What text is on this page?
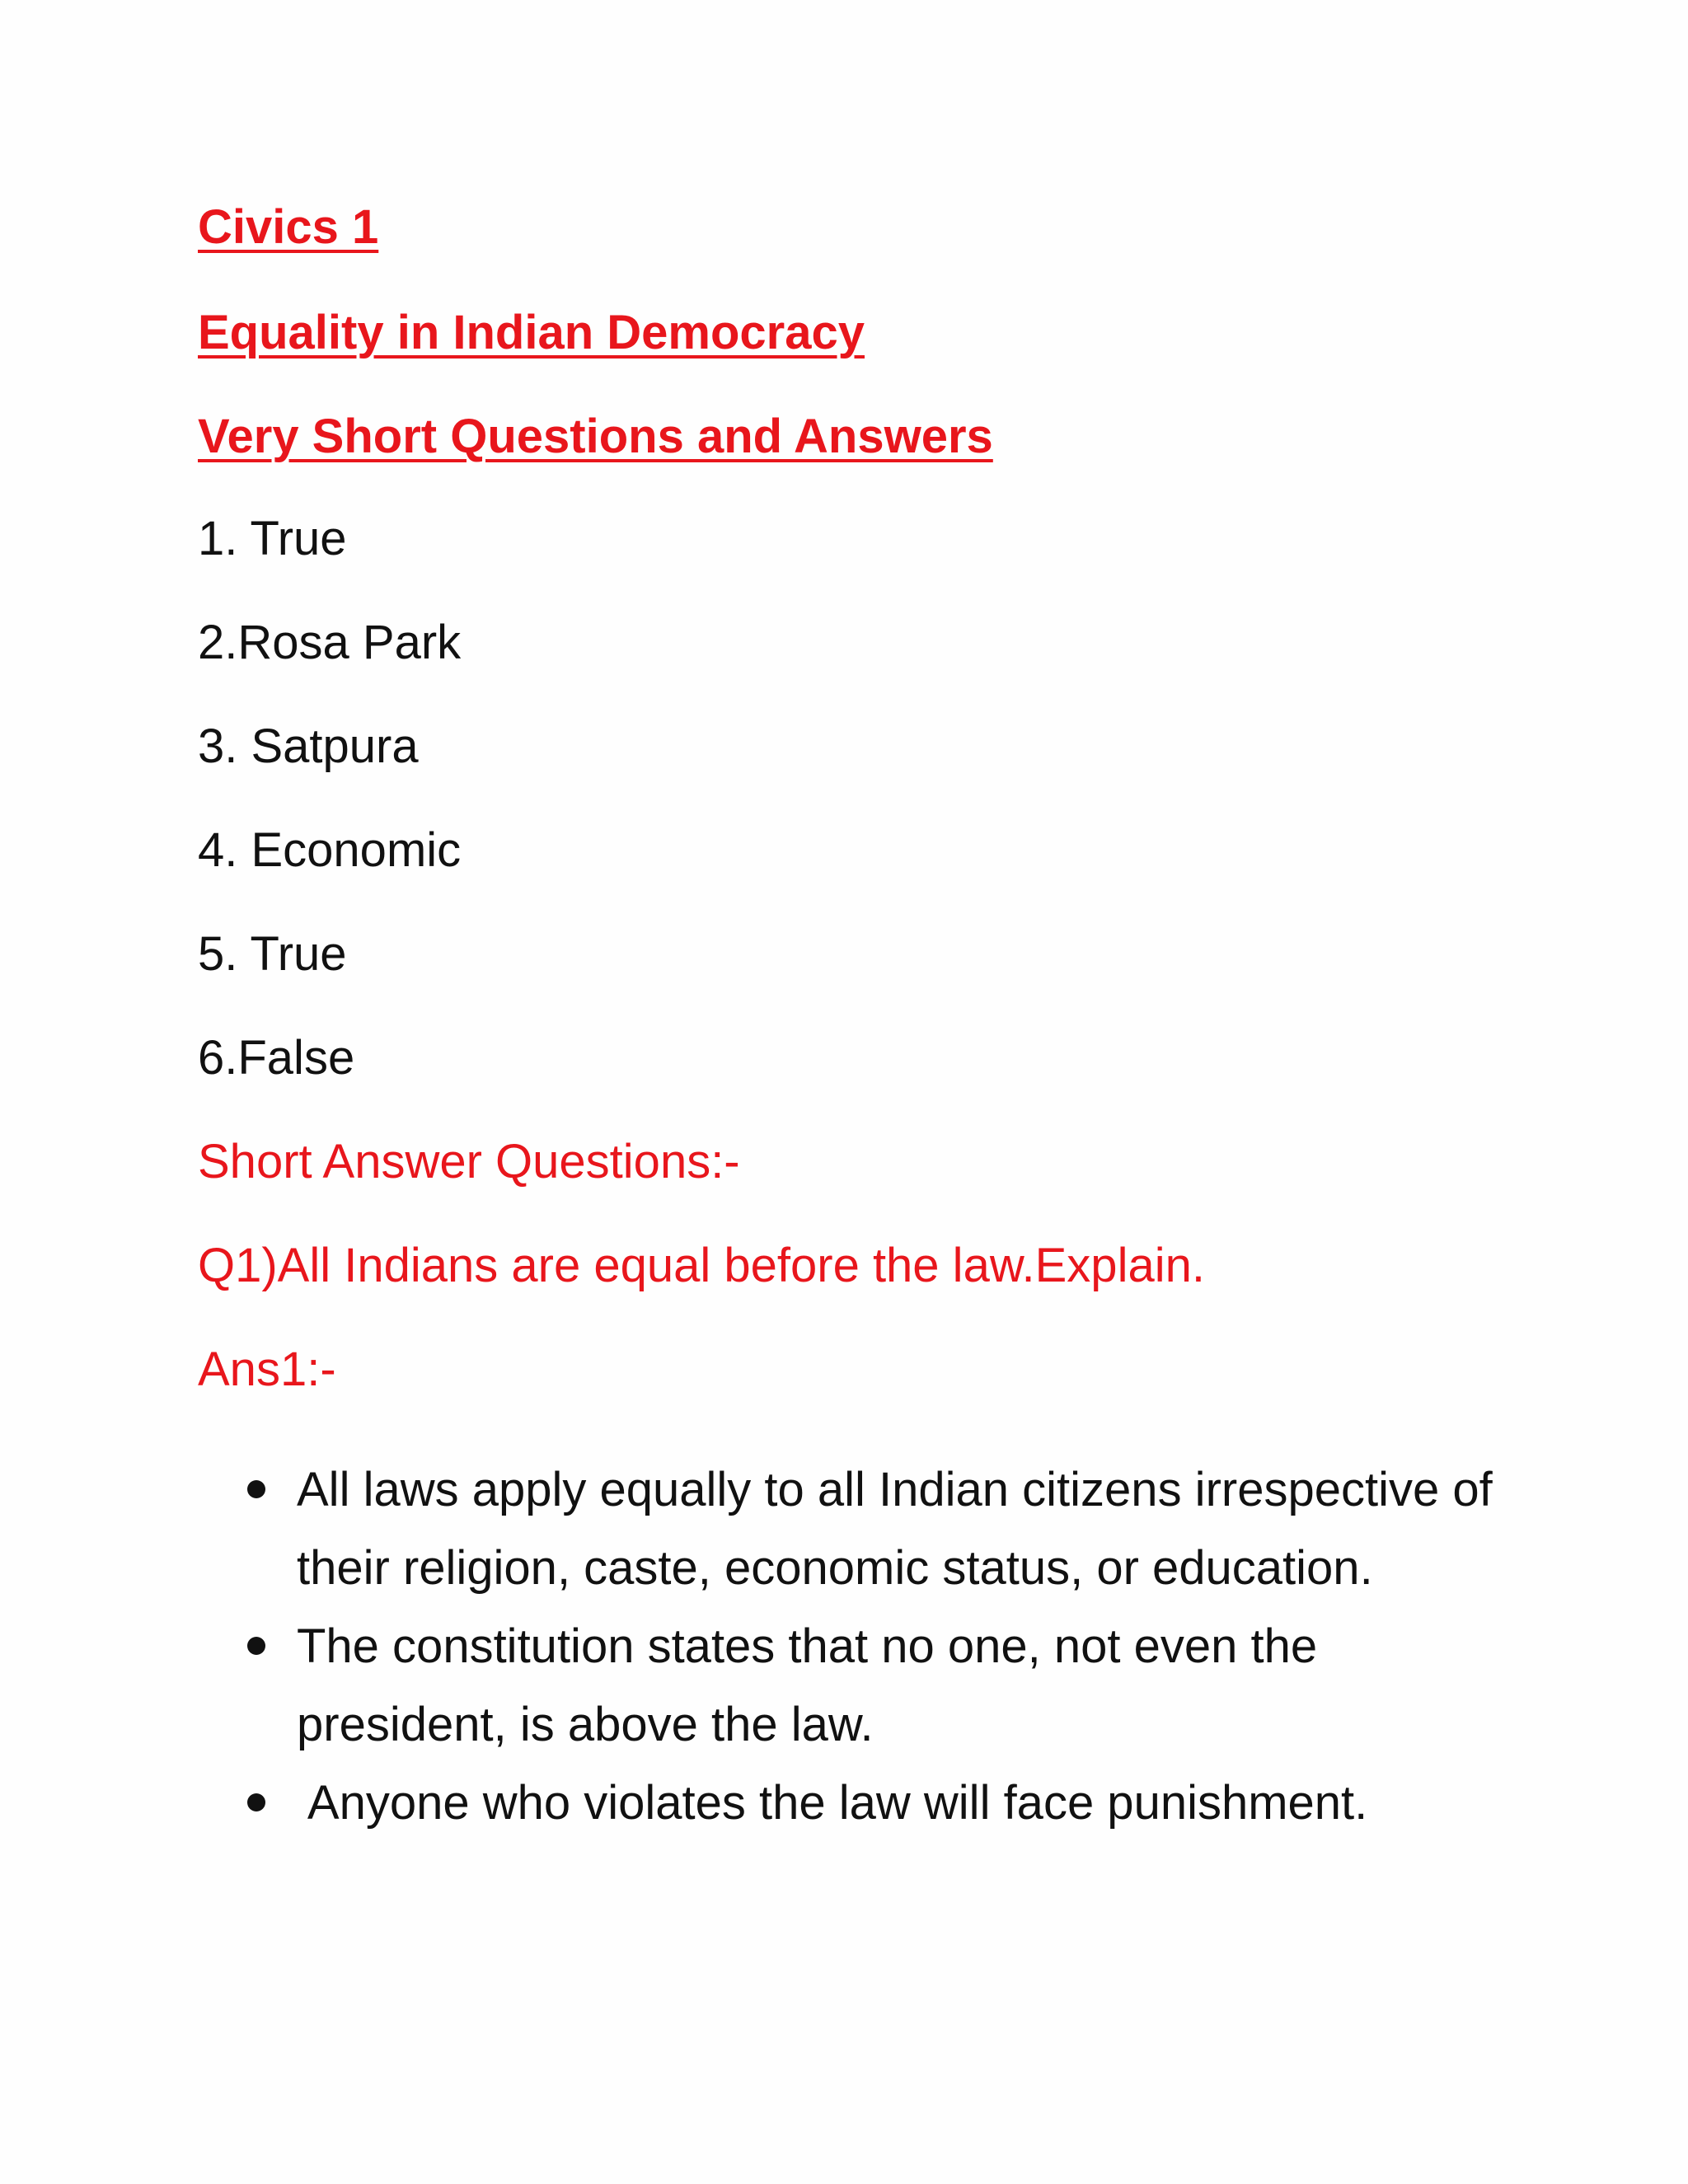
Civics 1
Equality in Indian Democracy
Very Short Questions and Answers
1. True
2.Rosa Park
3. Satpura
4. Economic
5. True
6.False
Short Answer Questions:-
Q1)All Indians are equal before the law.Explain.
Ans1:-
All laws apply equally to all Indian citizens irrespective of their religion, caste, economic status, or education.
The constitution states that no one, not even the president, is above the law.
Anyone who violates the law will face punishment.
